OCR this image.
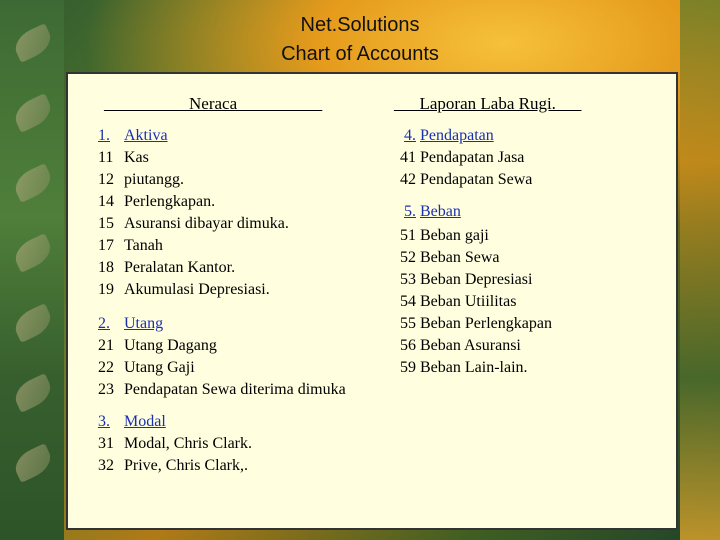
Net.Solutions
Chart of Accounts
__________Neraca__________	___Laporan Laba Rugi.___
1. Aktiva
11 Kas
12 piutangg.
14 Perlengkapan.
15 Asuransi dibayar dimuka.
17 Tanah
18 Peralatan Kantor.
19 Akumulasi Depresiasi.
2. Utang
21 Utang Dagang
22 Utang Gaji
23 Pendapatan Sewa diterima dimuka
3. Modal
31 Modal, Chris Clark.
32 Prive, Chris Clark,.
4. Pendapatan
41 Pendapatan Jasa
42 Pendapatan Sewa
5. Beban
51 Beban gaji
52 Beban Sewa
53 Beban Depresiasi
54 Beban Utiilitas
55 Beban Perlengkapan
56 Beban Asuransi
59 Beban Lain-lain.
